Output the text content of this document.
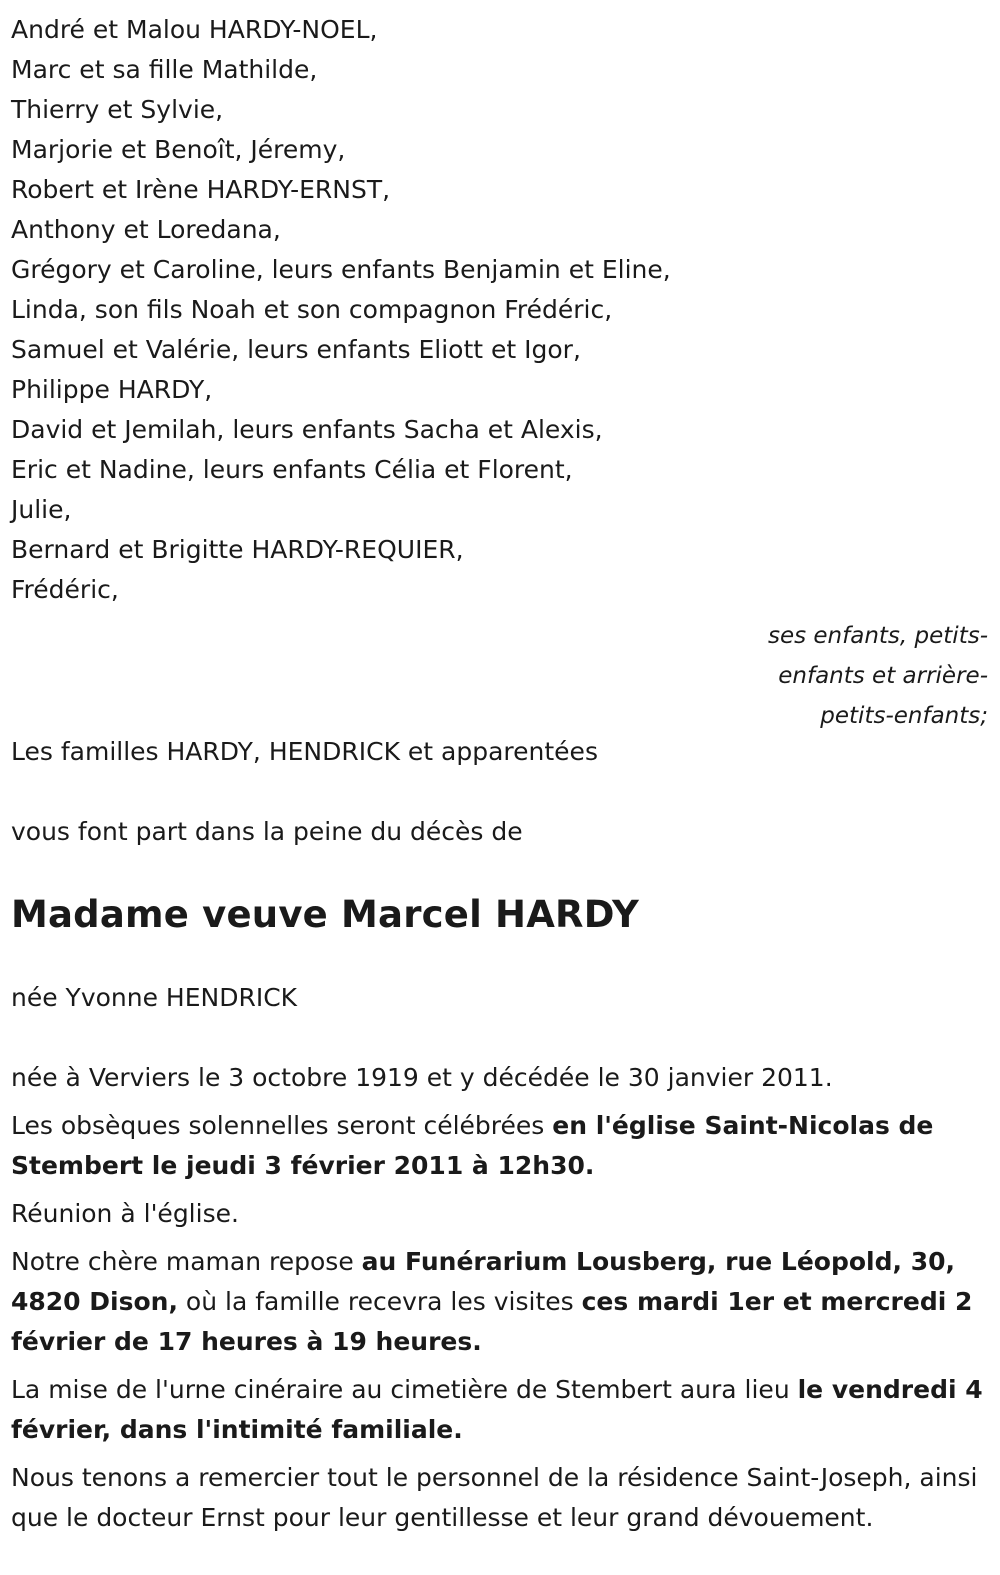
André et Malou HARDY-NOEL,
Marc et sa fille Mathilde,
Thierry et Sylvie,
Marjorie et Benoît, Jéremy,
Robert et Irène HARDY-ERNST,
Anthony et Loredana,
Grégory et Caroline, leurs enfants Benjamin et Eline,
Linda, son fils Noah et son compagnon Frédéric,
Samuel et Valérie, leurs enfants Eliott et Igor,
Philippe HARDY,
David et Jemilah, leurs enfants Sacha et Alexis,
Eric et Nadine, leurs enfants Célia et Florent,
Julie,
Bernard et Brigitte HARDY-REQUIER,
Frédéric,
ses enfants, petits-enfants et arrière-petits-enfants;
Les familles HARDY, HENDRICK et apparentées
vous font part dans la peine du décès de
Madame veuve Marcel HARDY
née Yvonne HENDRICK

née à Verviers le 3 octobre 1919 et y décédée le 30 janvier 2011.

Les obsèques solennelles seront célébrées en l'église Saint-Nicolas de Stembert le jeudi 3 février 2011 à 12h30.

Réunion à l'église.

Notre chère maman repose au Funérarium Lousberg, rue Léopold, 30, 4820 Dison, où la famille recevra les visites ces mardi 1er et mercredi 2 février de 17 heures à 19 heures.

La mise de l'urne cinéraire au cimetière de Stembert aura lieu le vendredi 4 février, dans l'intimité familiale.

Nous tenons a remercier tout le personnel de la résidence Saint-Joseph, ainsi que le docteur Ernst pour leur gentillesse et leur grand dévouement.
